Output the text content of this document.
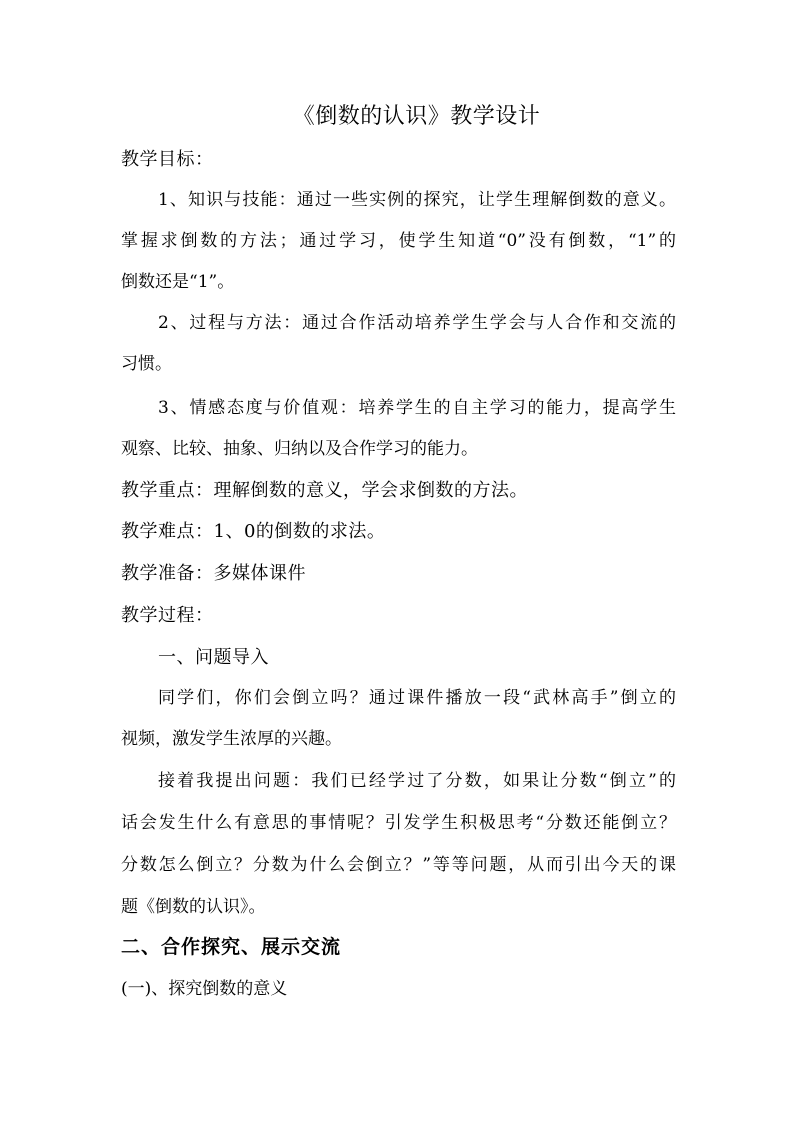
《倒数的认识》教学设计
教学目标：
1、知识与技能：通过一些实例的探究，让学生理解倒数的意义。
掌握求倒数的方法；通过学习，使学生知道“0”没有倒数，“1”的
倒数还是“1”。
2、过程与方法：通过合作活动培养学生学会与人合作和交流的
习惯。
3、情感态度与价值观：培养学生的自主学习的能力，提高学生
观察、比较、抽象、归纳以及合作学习的能力。
教学重点：理解倒数的意义，学会求倒数的方法。
教学难点：1、0的倒数的求法。
教学准备：多媒体课件
教学过程：
一、问题导入
同学们，你们会倒立吗？通过课件播放一段“武林高手”倒立的
视频，激发学生浓厚的兴趣。
接着我提出问题：我们已经学过了分数，如果让分数“倒立”的
话会发生什么有意思的事情呢？引发学生积极思考“分数还能倒立？
分数怎么倒立？分数为什么会倒立？”等等问题，从而引出今天的课
题《倒数的认识》。
二、合作探究、展示交流
(一)、探究倒数的意义
